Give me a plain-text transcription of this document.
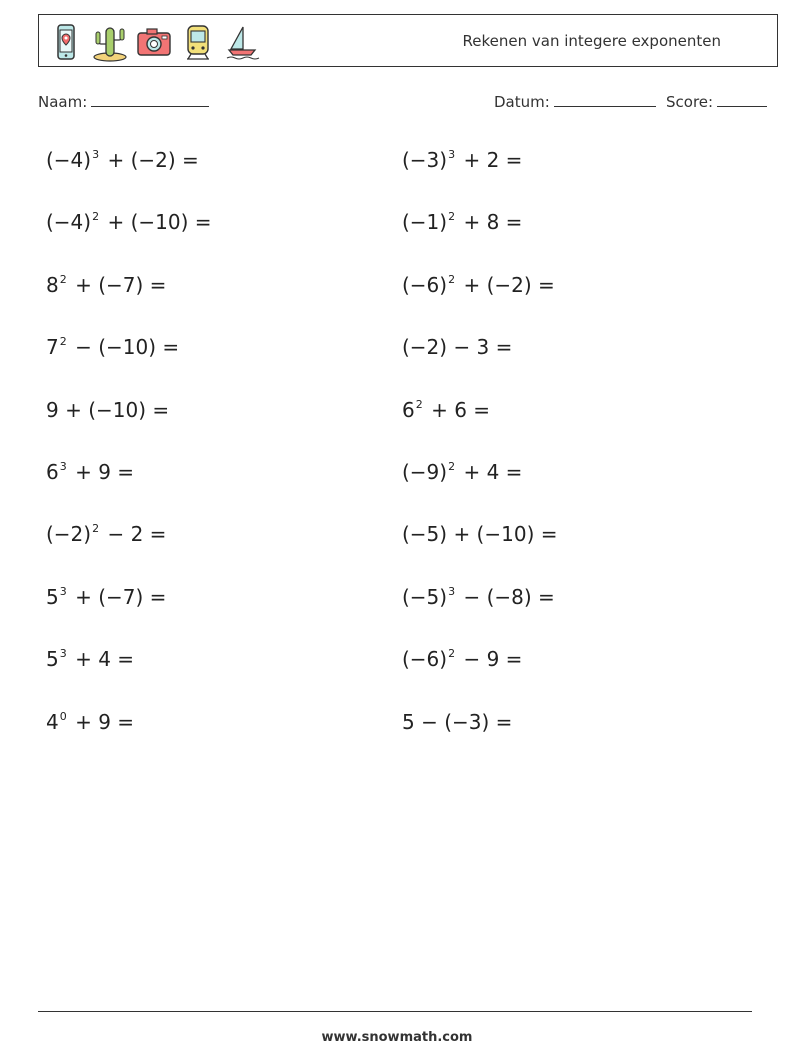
Rekenen van integere exponenten
Naam:	Datum:	Score:
$(-4)^3 + (-2)$ =
$(-4)^2 + (-10)$ =
$8^2 + (-7)$ =
$7^2 - (-10)$ =
9 + (−10) =
$6^3 + 9$ =
$(-2)^2 - 2$ =
$5^3 + (-7)$ =
$5^3 + 4$ =
$4^0 + 9$ =
$(-3)^3 + 2$ =
$(-1)^2 + 8$ =
$(-6)^2 + (-2)$ =
(−2) − 3 =
$6^2 + 6$ =
$(-9)^2 + 4$ =
(−5) + (−10) =
$(-5)^3 - (-8)$ =
$(-6)^2 - 9$ =
5 − (−3) =
www.snowmath.com
